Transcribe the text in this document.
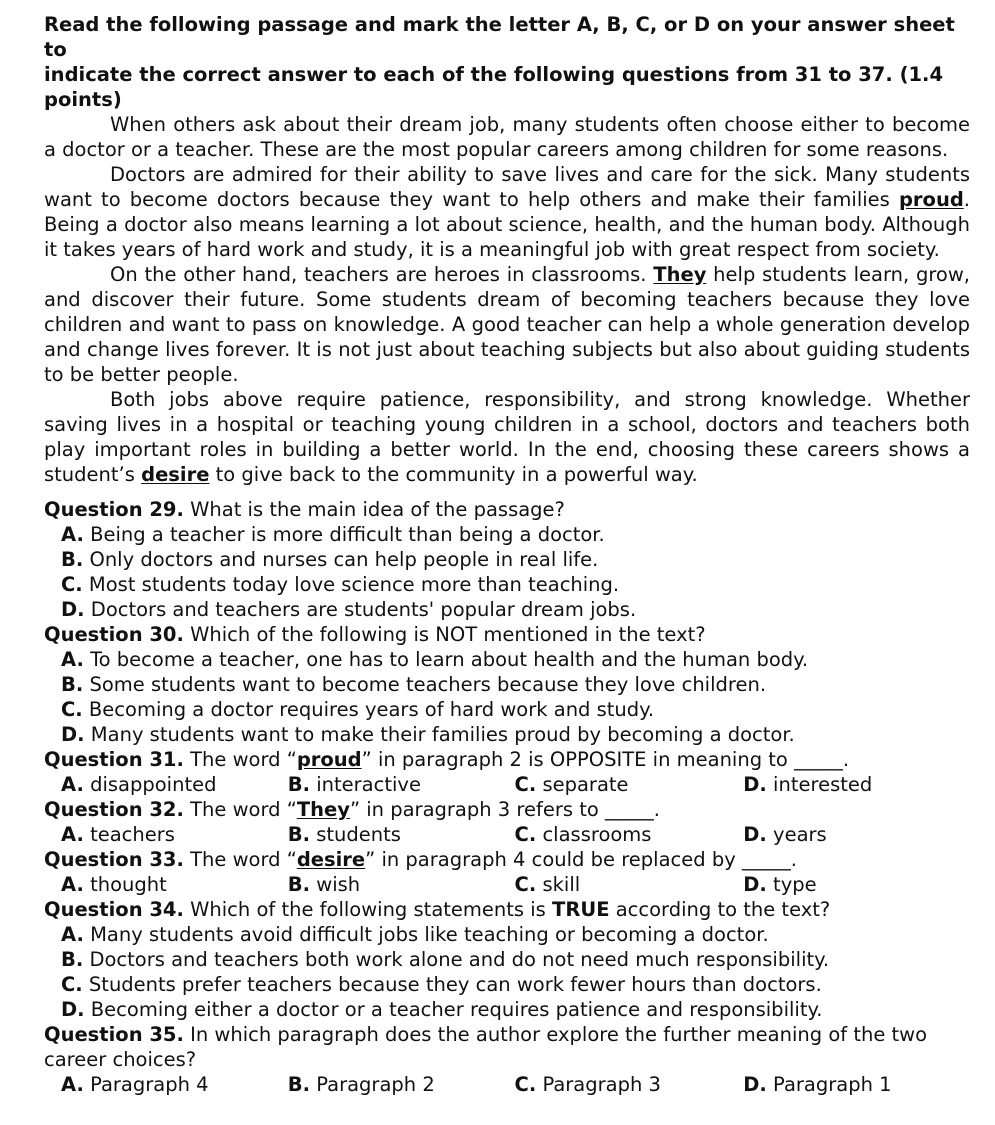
Read the following passage and mark the letter A, B, C, or D on your answer sheet to
indicate the correct answer to each of the following questions from 31 to 37. (1.4 points)

When others ask about their dream job, many students often choose either to become a doctor or a teacher. These are the most popular careers among children for some reasons.

Doctors are admired for their ability to save lives and care for the sick. Many students want to become doctors because they want to help others and make their families proud. Being a doctor also means learning a lot about science, health, and the human body. Although it takes years of hard work and study, it is a meaningful job with great respect from society.

On the other hand, teachers are heroes in classrooms. They help students learn, grow, and discover their future. Some students dream of becoming teachers because they love children and want to pass on knowledge. A good teacher can help a whole generation develop and change lives forever. It is not just about teaching subjects but also about guiding students to be better people.

Both jobs above require patience, responsibility, and strong knowledge. Whether saving lives in a hospital or teaching young children in a school, doctors and teachers both play important roles in building a better world. In the end, choosing these careers shows a student’s desire to give back to the community in a powerful way.

Question 29. What is the main idea of the passage?
A. Being a teacher is more difficult than being a doctor.
B. Only doctors and nurses can help people in real life.
C. Most students today love science more than teaching.
D. Doctors and teachers are students' popular dream jobs.
Question 30. Which of the following is NOT mentioned in the text?
A. To become a teacher, one has to learn about health and the human body.
B. Some students want to become teachers because they love children.
C. Becoming a doctor requires years of hard work and study.
D. Many students want to make their families proud by becoming a doctor.
Question 31. The word “proud” in paragraph 2 is OPPOSITE in meaning to _____.
A. disappointed	B. interactive	C. separate	D. interested
Question 32. The word “They” in paragraph 3 refers to _____.
A. teachers	B. students	C. classrooms	D. years
Question 33. The word “desire” in paragraph 4 could be replaced by _____.
A. thought	B. wish	C. skill	D. type
Question 34. Which of the following statements is TRUE according to the text?
A. Many students avoid difficult jobs like teaching or becoming a doctor.
B. Doctors and teachers both work alone and do not need much responsibility.
C. Students prefer teachers because they can work fewer hours than doctors.
D. Becoming either a doctor or a teacher requires patience and responsibility.
Question 35. In which paragraph does the author explore the further meaning of the two career choices?
A. Paragraph 4	B. Paragraph 2	C. Paragraph 3	D. Paragraph 1
